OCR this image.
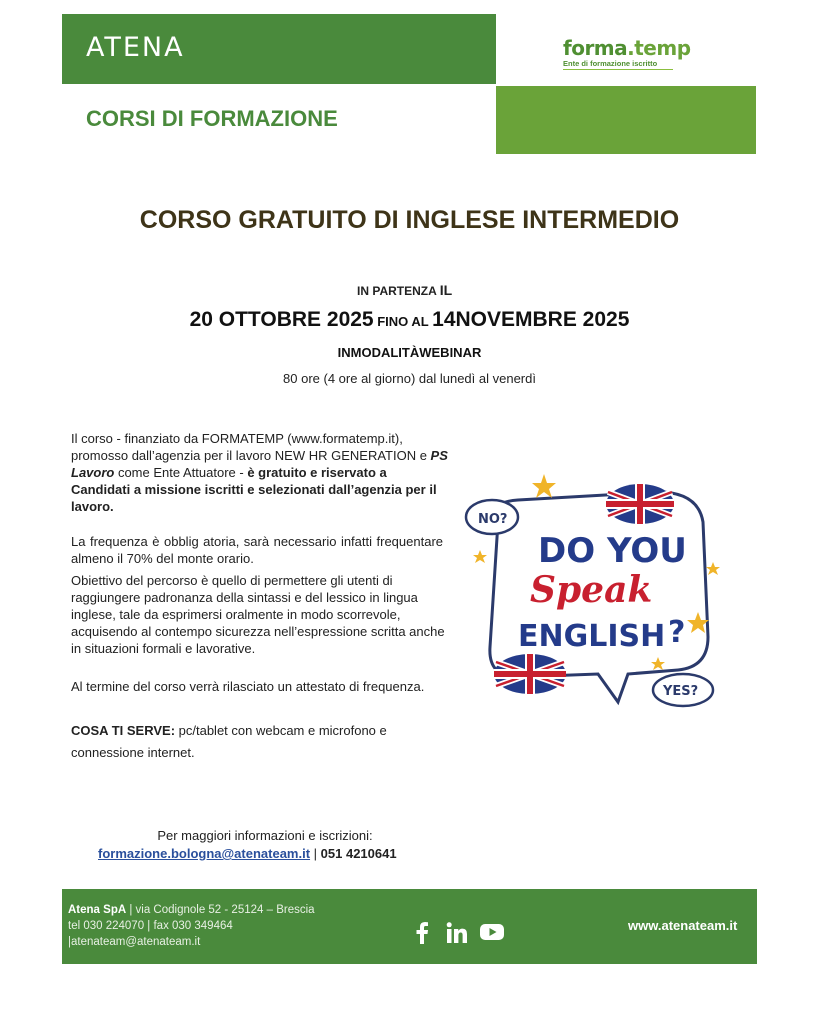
ATENA	forma.temp
Ente di formazione iscritto
CORSI DI FORMAZIONE
CORSO GRATUITO DI INGLESE INTERMEDIO
IN PARTENZA IL
20 OTTOBRE 2025 FINO AL 14NOVEMBRE 2025
INMODALITÀWEBINAR
80 ore (4 ore al giorno) dal lunedì al venerdì
Il corso - finanziato da FORMATEMP (www.formatemp.it), promosso dall’agenzia per il lavoro NEW HR GENERATION e PS Lavoro come Ente Attuatore - è gratuito e riservato a Candidati a missione iscritti e selezionati dall’agenzia per il lavoro.
La frequenza è obblig atoria, sarà necessario infatti frequentare almeno il 70% del monte orario.
Obiettivo del percorso è quello di permettere gli utenti di raggiungere padronanza della sintassi e del lessico in lingua inglese, tale da esprimersi oralmente in modo scorrevole, acquisendo al contempo sicurezza nell’espressione scritta anche in situazioni formali e lavorative.
Al termine del corso verrà rilasciato un attestato di frequenza.
COSA TI SERVE: pc/tablet con webcam e microfono e connessione internet.
NO?
YES?
DO YOU
Speak
ENGLISH ?
Per maggiori informazioni e iscrizioni:
formazione.bologna@atenateam.it | 051 4210641
Atena SpA | via Codignole 52 - 25124 – Brescia tel 030 224070 | fax 030 349464 |atenateam@atenateam.it
www.atenateam.it
